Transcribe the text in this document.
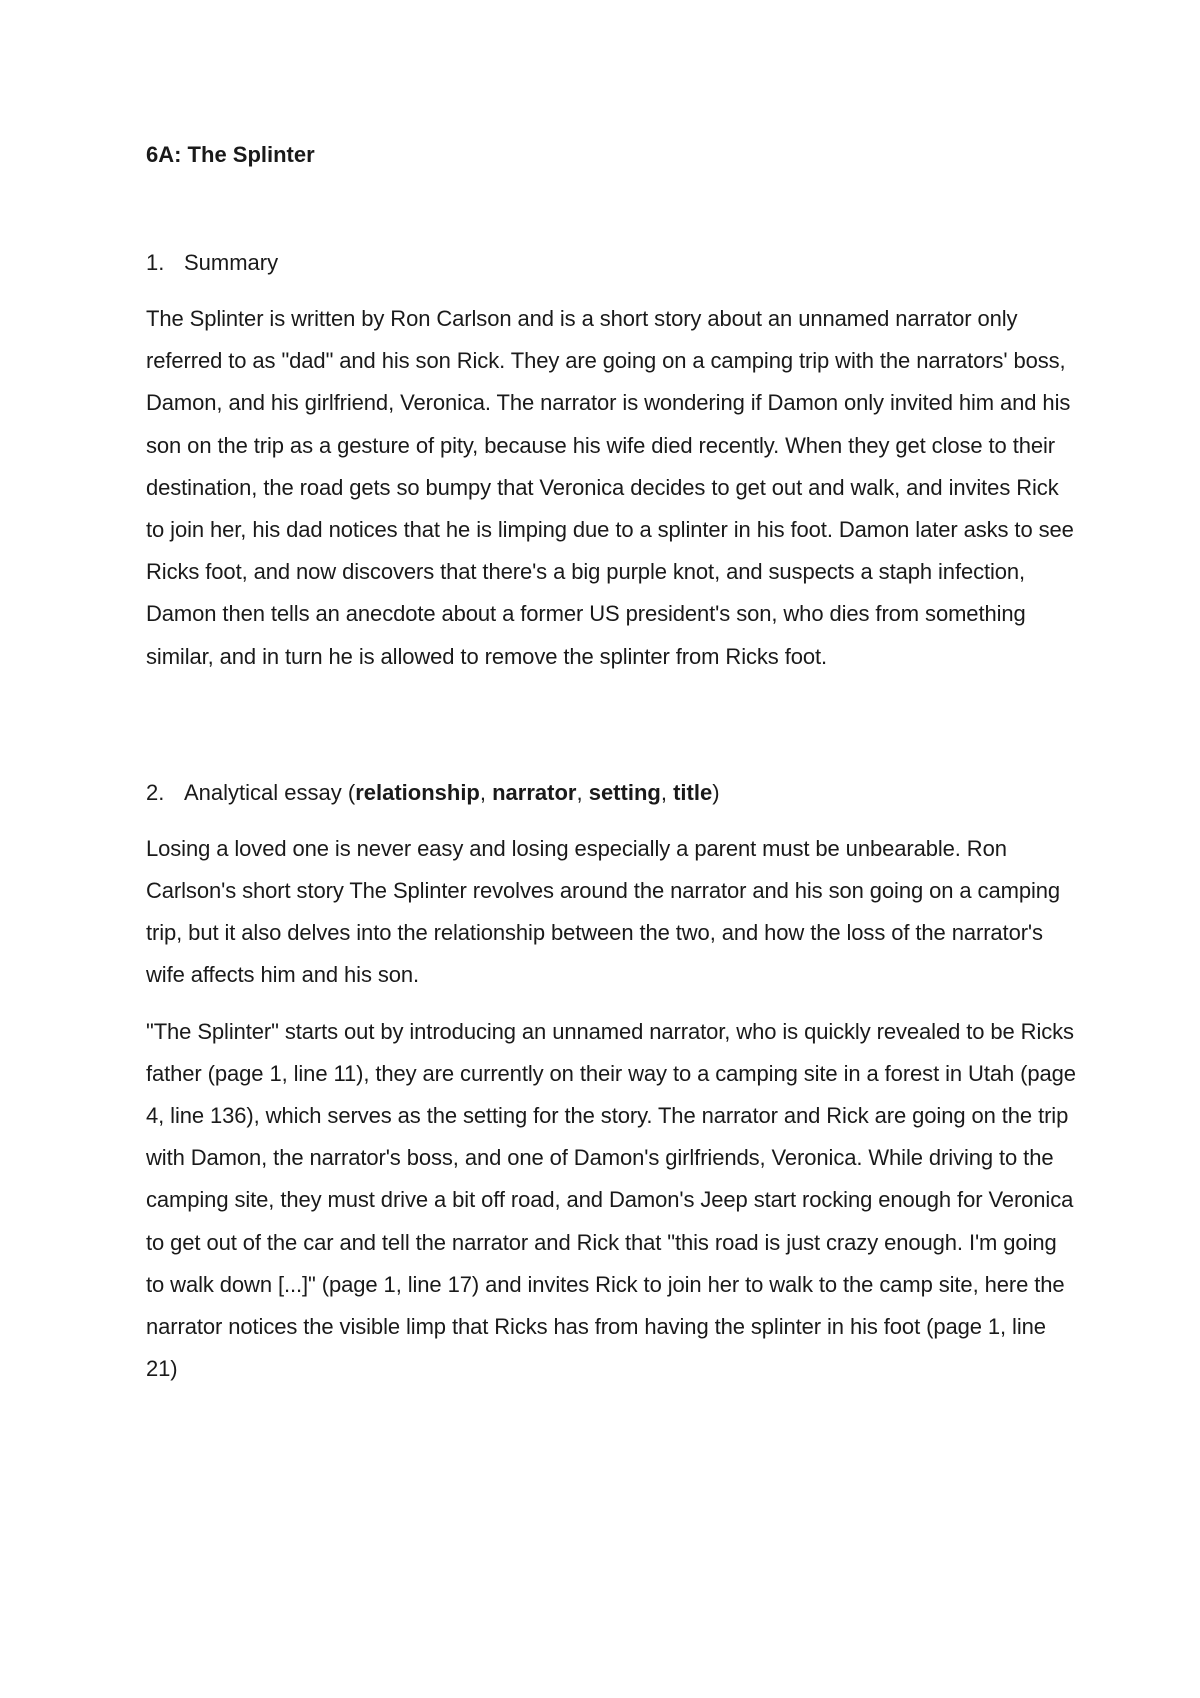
6A: The Splinter
1. Summary

The Splinter is written by Ron Carlson and is a short story about an unnamed narrator only referred to as "dad" and his son Rick. They are going on a camping trip with the narrators' boss, Damon, and his girlfriend, Veronica. The narrator is wondering if Damon only invited him and his son on the trip as a gesture of pity, because his wife died recently. When they get close to their destination, the road gets so bumpy that Veronica decides to get out and walk, and invites Rick to join her, his dad notices that he is limping due to a splinter in his foot. Damon later asks to see Ricks foot, and now discovers that there's a big purple knot, and suspects a staph infection, Damon then tells an anecdote about a former US president's son, who dies from something similar, and in turn he is allowed to remove the splinter from Ricks foot.

2. Analytical essay (relationship, narrator, setting, title)

Losing a loved one is never easy and losing especially a parent must be unbearable. Ron Carlson's short story The Splinter revolves around the narrator and his son going on a camping trip, but it also delves into the relationship between the two, and how the loss of the narrator's wife affects him and his son.

"The Splinter" starts out by introducing an unnamed narrator, who is quickly revealed to be Ricks father (page 1, line 11), they are currently on their way to a camping site in a forest in Utah (page 4, line 136), which serves as the setting for the story. The narrator and Rick are going on the trip with Damon, the narrator's boss, and one of Damon's girlfriends, Veronica. While driving to the camping site, they must drive a bit off road, and Damon's Jeep start rocking enough for Veronica to get out of the car and tell the narrator and Rick that "this road is just crazy enough. I'm going to walk down [...]" (page 1, line 17) and invites Rick to join her to walk to the camp site, here the narrator notices the visible limp that Ricks has from having the splinter in his foot (page 1, line 21)
